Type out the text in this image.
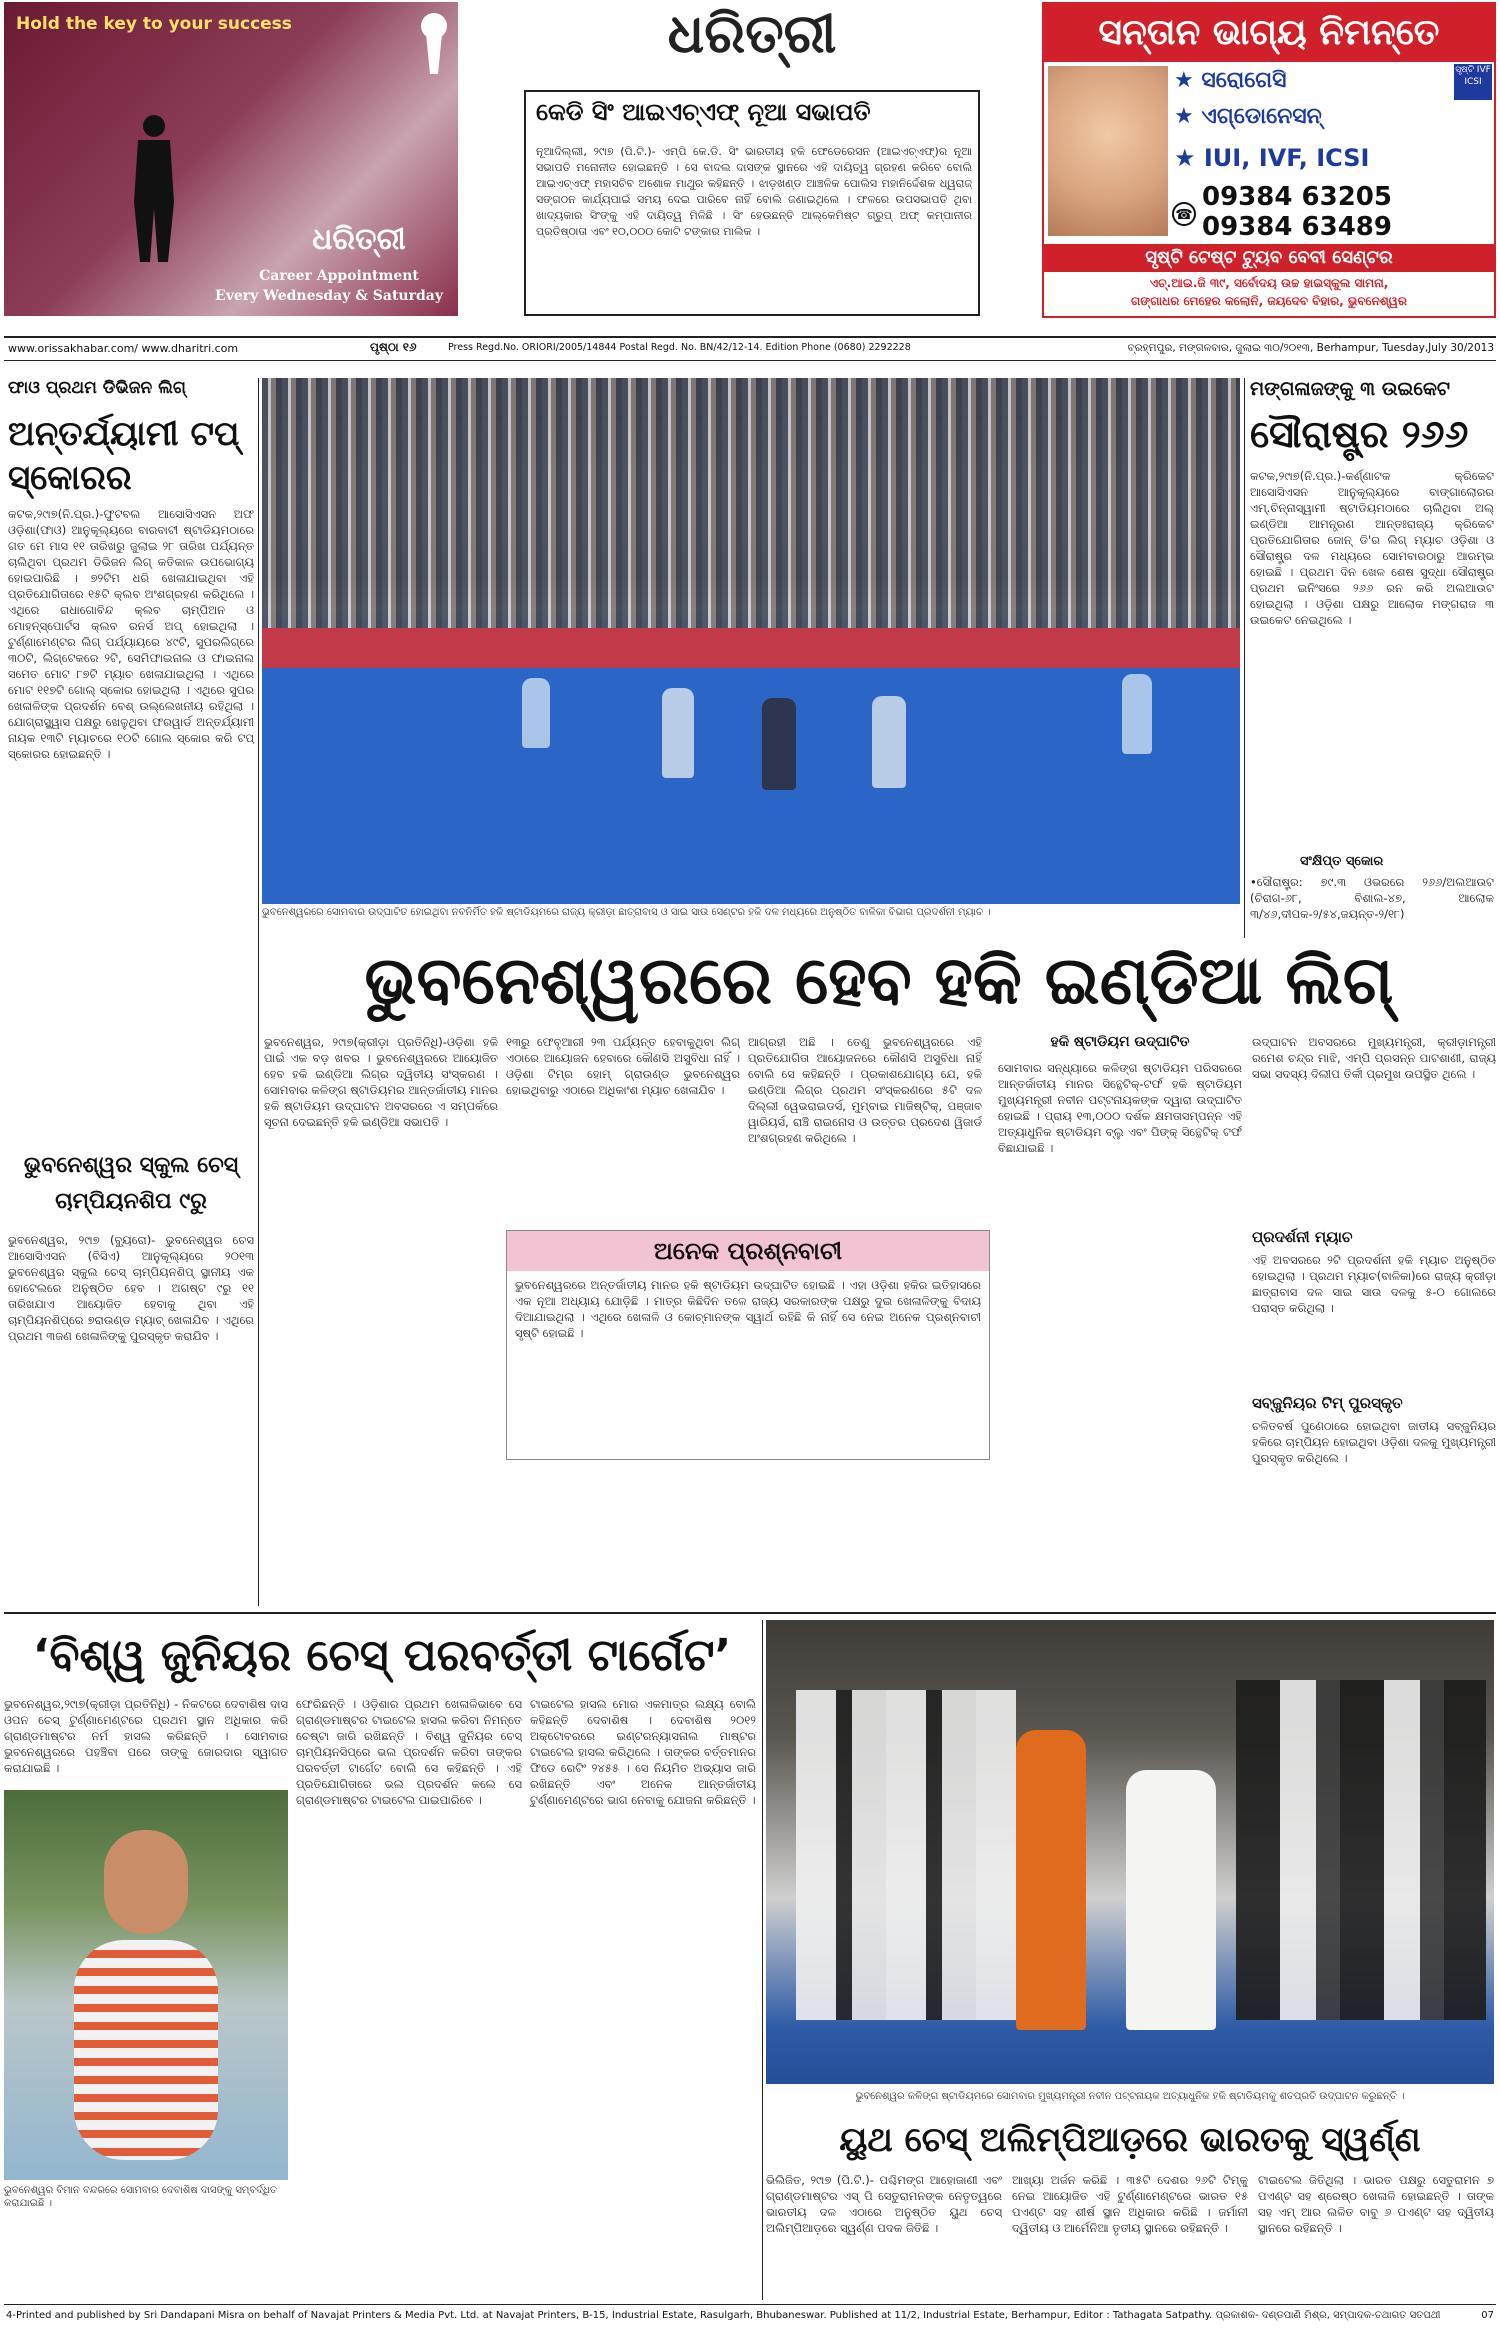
Hold the key to your success
ଧରିତ୍ରୀ
Career Appointment
Every Wednesday & Saturday
ଧରିତ୍ରୀ
କେଡି ସିଂ ଆଇଏଚ୍‌ଏଫ୍ ନୂଆ ସଭାପତି
ନୂଆଦିଲ୍ଲୀ, ୨୯ା୭ (ପି.ଟି.)- ଏମ୍‌ପି କେ.ଡି. ସିଂ ଭାରତୀୟ ହକି ଫେଡେରେସନ (ଆଇଏଚ୍‌ଏଫ୍)ର ନୂଆ ସଭାପତି ମନୋନୀତ ହୋଇଛନ୍ତି । ସେ ବାଦଲ ଦାସଙ୍କ ସ୍ଥାନରେ ଏହି ଦାୟିତ୍ୱ ଗ୍ରହଣ କରିବେ ବୋଲି ଆଇଏଚ୍‌ଏଫ୍ ମହାସଚିବ ଅଶୋକ ମାଥୁର କହିଛନ୍ତି । ଝାଡ଼ଖଣ୍ଡ ଆଞ୍ଚଳିକ ପୋଲିସ ମହାନିର୍ଦ୍ଦେଶକ ଧ୍ୱରାଜ୍ ସଙ୍ଗଠନ କାର୍ଯ୍ୟପାଇଁ ସମୟ ଦେଇ ପାରିବେ ନାହିଁ ବୋଲି ଜଣାଇଥିଲେ । ଫଳରେ ଉପସଭାପତି ଥିବା ଖାଦ୍ୟକାର ସିଂଙ୍କୁ ଏହି ଦାୟିତ୍ୱ ମିଳିଛି । ସିଂ ହେଉଛନ୍ତି ଆଲ୍‌କେମିଷ୍ଟ ଗ୍ରୁପ୍ ଅଫ୍ କମ୍ପାନୀର ପ୍ରତିଷ୍ଠାତା ଏବଂ ୧୦,୦୦୦ କୋଟି ଟଙ୍କାର ମାଲିକ ।
ସନ୍ତାନ ଭାଗ୍ୟ ନିମନ୍ତେ
★ ସରୋଗେସି	ସୃଷ୍ଟି IVF ICSI
★ ଏଗ୍‌ଡୋନେସନ୍
★ IUI, IVF, ICSI
☎
09384 63205
09384 63489
ସୃଷ୍ଟି ଟେଷ୍ଟ ଟ୍ୟୁବ ବେବୀ ସେଣ୍ଟର
ଏଚ୍.ଆଇ.ଜି ୩୯, ସର୍ବୋଦୟ ଉଚ୍ଚ ହାଇସ୍କୁଲ ସାମନା,
ଗଙ୍ଗାଧର ମେହେର କଲୋନି, ଜୟଦେବ ବିହାର, ଭୁବନେଶ୍ୱର
www.orissakhabar.com/ www.dharitri.com	ପୃଷ୍ଠା ୧୬	Press Regd.No. ORIORI/2005/14844 Postal Regd. No. BN/42/12-14. Edition Phone (0680) 2292228	ବ୍ରହ୍ମପୁର, ମଙ୍ଗଳବାର, ଜୁଲାଇ ୩୦/୨୦୧୩, Berhampur, Tuesday,July 30/2013
ଫାଓ ପ୍ରଥମ ଡିଭିଜନ ଲିଗ୍
ଅନ୍ତର୍ଯ୍ୟାମୀ ଟପ୍ ସ୍କୋରର
କଟକ,୨୯ା୭(ନି.ପ୍ର.)-ଫୁଟବଲ ଆସୋସିଏସନ ଅଫ ଓଡ଼ିଶା(ଫାଓ) ଆନୁକୂଲ୍ୟରେ ବାରବାଟୀ ଷ୍ଟାଡିୟମଠାରେ ଗତ ମେ ମାସ ୧୧ ତାରିଖରୁ ଜୁଲାଇ ୨୮ ତାରିଖ ପର୍ଯ୍ୟନ୍ତ ଚାଲିଥିବା ପ୍ରଥମ ଡିଭିଜନ ଲିଗ୍ କତିକାଳ ଉପଭୋଗ୍ୟ ହୋଇପାରିଛି । ୭୨ଟିମ ଧରି ଖେଳାଯାଇଥିବା ଏହି ପ୍ରତିଯୋଗିତାରେ ୧୫ଟି କ୍ଲବ ଅଂଶଗ୍ରହଣ କରିଥିଲେ । ଏଥିରେ ରାଧାଗୋବିନ୍ଦ କ୍ଲବ ଚାମ୍ପିଅନ ଓ ମୋହନ୍‌ସ୍ପୋର୍ଟସ କ୍ଲବ ରନର୍ସ ଅପ୍ ହୋଇଥିଲା । ଟୁର୍ଣ୍ଣାମେଣ୍ଟର ଲିଗ୍ ପର୍ଯ୍ୟାୟରେ ୪୯ଟି, ସୁପରଲିଗ୍‌ରେ ୩୦ଟି, ଲିଗ୍‌ଟେକରେ ୨ଟି, ସେମିଫାଇନାଲ ଓ ଫାଇନାଲ ସମେତ ମୋଟ ୮୭ଟି ମ୍ୟାଚ ଖେଳାଯାଇଥିଲା । ଏଥିରେ ମୋଟ ୧୧୭ଟି ଗୋଲ୍ ସ୍କୋର ହୋଇଥିଲା । ଏଥିରେ ସୁପର ଖେଳାଳିଙ୍କ ପ୍ରଦର୍ଶନ ବେଶ୍ ଉଲ୍ଲେଖନୀୟ ରହିଥିଲା । ଯୋଗ୍ରାସ୍କ୍ୱାସ ପକ୍ଷରୁ ଖେଳୁଥିବା ଫରୱାର୍ଡ ଅନ୍ତର୍ଯ୍ୟାମୀ ନାୟକ ୧୩ଟି ମ୍ୟାଚରେ ୧୦ଟି ଗୋଲ ସ୍କୋର କରି ଟପ୍ ସ୍କୋରର ହୋଇଛନ୍ତି ।
ଭୁବନେଶ୍ୱର ସ୍କୁଲ ଚେସ୍ ଚାମ୍ପିୟନଶିପ ୯ରୁ
ଭୁବନେଶ୍ୱର, ୨୯ା୭ (ବ୍ୟୁରୋ)- ଭୁବନେଶ୍ୱର ଚେସ ଆସୋସିଏସନ (ବିସିଏ) ଆନୁକୂଲ୍ୟରେ ୨୦୧୩ ଭୁବନେଶ୍ୱର ସ୍କୁଲ ଚେସ୍ ଚାମ୍ପିୟନଶିପ୍ ସ୍ଥାନୀୟ ଏକ ହୋଟେଲରେ ଅନୁଷ୍ଠିତ ହେବ । ଅଗଷ୍ଟ ୯ରୁ ୧୧ ତାରିଖଯାଏ ଆୟୋଜିତ ହେବାକୁ ଥିବା ଏହି ଚାମ୍ପିୟନଶିପ୍‌ରେ ୭ରାଉଣ୍ଡ ମ୍ୟାଚ୍ ଖେଳାଯିବ । ଏଥିରେ ପ୍ରଥମ ୩ଜଣ ଖେଳାଳିଙ୍କୁ ପୁରସ୍କୃତ କରାଯିବ ।
ଭୁବନେଶ୍ୱରରେ ସୋମବାର ଉଦ୍‌ଘାଟିତ ହୋଇଥିବା ନବନିର୍ମିତ ହକି ଷ୍ଟାଡିୟମରେ ରାଜ୍ୟ କ୍ରୀଡ଼ା ଛାତ୍ରାବାସ ଓ ସାଇ ସାଉ ସେଣ୍ଟର ହକି ଦଳ ମଧ୍ୟରେ ଅନୁଷ୍ଠିତ ବାଳିକା ବିଭାଗ ପ୍ରଦର୍ଶନୀ ମ୍ୟାଚ ।
ମଙ୍ଗଳାଜଙ୍କୁ ୩ ଉଇକେଟ
ସୌରାଷ୍ଟ୍ର ୨୬୬
କଟକ,୨୯ା୭(ନି.ପ୍ର.)-କର୍ଣ୍ଣାଟକ କ୍ରିକେଟ ଆସୋସିଏସନ ଆନୁକୂଲ୍ୟରେ ବାଙ୍ଗାଲୋରର ଏମ୍.ଚିନ୍ନାସ୍ୱାମୀ ଷ୍ଟାଡିୟମଠାରେ ଚାଲିଥିବା ଅଲ୍ ଇଣ୍ଡିଆ ଆମନ୍ତ୍ରଣ ଆନ୍ତଃରାଜ୍ୟ କ୍ରିକେଟ ପ୍ରତିଯୋଗିତାର ଜୋନ୍ ଡି'ର ଲିଗ୍ ମ୍ୟାଚ ଓଡ଼ିଶା ଓ ସୌରାଷ୍ଟ୍ର ଦଳ ମଧ୍ୟରେ ସୋମବାରଠାରୁ ଆରମ୍ଭ ହୋଇଛି । ପ୍ରଥମ ଦିନ ଖେଳ ଶେଷ ସୁଦ୍ଧା ସୌରାଷ୍ଟ୍ର ପ୍ରଥମ ଇନିଂସରେ ୨୬୬ ରନ କରି ଅଲଆଉଟ ହୋଇଥିଲା । ଓଡ଼ିଶା ପକ୍ଷରୁ ଆଲୋକ ମଙ୍ଗରାଜ ୩ ଉଇକେଟ ନେଇଥିଲେ ।
ସଂକ୍ଷିପ୍ତ ସ୍କୋର
•ସୌରାଷ୍ଟ୍ର: ୭୯.୩ ଓଭରରେ ୨୬୬/ଅଲଆଉଟ (ଚିରାଗ-୬୮, ବିଶାଲ-୪୭, ଆଲୋକ ୩/୪୬,ଦୀପକ-୨/୫୪,ଜୟନ୍ତ-୨/୧୮)
ଭୁବନେଶ୍ୱରରେ ହେବ ହକି ଇଣ୍ଡିଆ ଲିଗ୍
ଭୁବନେଶ୍ୱର, ୨୯ା୭(କ୍ରୀଡ଼ା ପ୍ରତିନିଧି)-ଓଡ଼ିଶା ହକି ପାଇଁ ଏକ ବଡ଼ ଖବର । ଭୁବନେଶ୍ୱରରେ ଆୟୋଜିତ ହେବ ହକି ଇଣ୍ଡିଆ ଲିଗ୍‌ର ଦ୍ୱିତୀୟ ସଂସ୍କରଣ । ସୋମବାର କଳିଙ୍ଗ ଷ୍ଟାଡିୟମର ଆନ୍ତର୍ଜାତୀୟ ମାନର ହକି ଷ୍ଟାଡିୟମ ଉଦ୍‌ଘାଟନ ଅବସରରେ ଏ ସମ୍ପର୍କରେ ସୂଚନା ଦେଇଛନ୍ତି ହକି ଇଣ୍ଡିଆ ସଭାପତି ।
୧୩ରୁ ଫେବୃଆରୀ ୨୩ ପର୍ଯ୍ୟନ୍ତ ହେବାକୁଥିବା ଲିଗ୍ ଏଠାରେ ଆୟୋଜନ ହେବାରେ କୌଣସି ଅସୁବିଧା ନାହିଁ । ଓଡ଼ିଶା ଟିମ୍‌ର ହୋମ୍ ଗ୍ରାଉଣ୍ଡ ଭୁବନେଶ୍ୱର ହୋଇଥିବାରୁ ଏଠାରେ ଅଧିକାଂଶ ମ୍ୟାଚ ଖେଳାଯିବ ।
ଆଗ୍ରହୀ ଅଛି । ତେଣୁ ଭୁବନେଶ୍ୱରରେ ଏହି ପ୍ରତିଯୋଗିତା ଆୟୋଜନରେ କୌଣସି ଅସୁବିଧା ନାହିଁ ବୋଲି ସେ କହିଛନ୍ତି । ପ୍ରକାଶଯୋଗ୍ୟ ଯେ, ହକି ଇଣ୍ଡିଆ ଲିଗ୍‌ର ପ୍ରଥମ ସଂସ୍କରଣରେ ୫ଟି ଦଳ ଦିଲ୍ଲୀ ୱେଭରାଇଡର୍ସ, ମୁମ୍ବାଇ ମାଜିଷ୍ଟିକ୍, ପଞ୍ଜାବ ୱାରିୟର୍ସ, ରାଞ୍ଚି ରାଇନୋସ ଓ ଉତ୍ତର ପ୍ରଦେଶ ୱିଜାର୍ଡ ଅଂଶଗ୍ରହଣ କରିଥିଲେ ।
ଅନେକ ପ୍ରଶ୍ନବାଚୀ
ଭୁବନେଶ୍ୱରରେ ଅନ୍ତର୍ଜାତୀୟ ମାନର ହକି ଷ୍ଟାଡିୟମ ଉଦ୍‌ଘାଟିତ ହୋଇଛି । ଏହା ଓଡ଼ିଶା ହକିର ଇତିହାସରେ ଏକ ନୂଆ ଅଧ୍ୟାୟ ଯୋଡ଼ିଛି । ମାତ୍ର କିଛିଦିନ ତଳେ ରାଜ୍ୟ ସରକାରଙ୍କ ପକ୍ଷରୁ ଦୁଇ ଖେଳାଳିଙ୍କୁ ବିଦାୟ ଦିଆଯାଇଥିଲା । ଏଥିରେ ଖେଳାଳି ଓ କୋଚ୍‌ମାନଙ୍କ ସ୍ୱାର୍ଥ ରହିଛି କି ନାହିଁ ସେ ନେଇ ଅନେକ ପ୍ରଶ୍ନବାଚୀ ସୃଷ୍ଟି ହୋଇଛି ।
ହକି ଷ୍ଟାଡିୟମ ଉଦ୍‌ଘାଟିତ
ସୋମବାର ସନ୍ଧ୍ୟାରେ କଳିଙ୍ଗ ଷ୍ଟାଡିୟମ ପରିସରରେ ଆନ୍ତର୍ଜାତୀୟ ମାନର ସିନ୍ଥେଟିକ୍-ଟର୍ଫ ହକି ଷ୍ଟାଡିୟମ ମୁଖ୍ୟମନ୍ତ୍ରୀ ନବୀନ ପଟ୍ଟନାୟକଙ୍କ ଦ୍ୱାରା ଉଦ୍‌ଘାଟିତ ହୋଇଛି । ପ୍ରାୟ ୧୩,୦୦୦ ଦର୍ଶକ କ୍ଷମତାସମ୍ପନ୍ନ ଏହି ଅତ୍ୟାଧୁନିକ ଷ୍ଟାଡିୟମ ବ୍ଲୁ ଏବଂ ପିଙ୍କ୍ ସିନ୍ଥେଟିକ୍ ଟର୍ଫ ବିଛାଯାଇଛି ।
ଉଦ୍‌ଘାଟନ ଅବସରରେ ମୁଖ୍ୟମନ୍ତ୍ରୀ, କ୍ରୀଡ଼ାମନ୍ତ୍ରୀ ରମେଶ ଚନ୍ଦ୍ର ମାଝି, ଏମ୍‌ପି ପ୍ରସନ୍ନ ପାଟଶାଣୀ, ରାଜ୍ୟ ସଭା ସଦସ୍ୟ ଦିଲୀପ ତିର୍କୀ ପ୍ରମୁଖ ଉପସ୍ଥିତ ଥିଲେ ।
ପ୍ରଦର୍ଶନୀ ମ୍ୟାଚ
ଏହି ଅବସରରେ ୨ଟି ପ୍ରଦର୍ଶନୀ ହକି ମ୍ୟାଚ ଅନୁଷ୍ଠିତ ହୋଇଥିଲା । ପ୍ରଥମ ମ୍ୟାଚ(ବାଳିକା)ରେ ରାଜ୍ୟ କ୍ରୀଡ଼ା ଛାତ୍ରାବାସ ଦଳ ସାଇ ସାଉ ଦଳକୁ ୫-୦ ଗୋଲରେ ପରାସ୍ତ କରିଥିଲା ।
ସବ୍‌ଜୁନିୟର ଟିମ୍ ପୁରସ୍କୃତ
ଚଳିତବର୍ଷ ପୁଣେଠାରେ ହୋଇଥିବା ଜାତୀୟ ସବ୍‌ଜୁନିୟର ହକିରେ ଚାମ୍ପିୟନ ହୋଇଥିବା ଓଡ଼ିଶା ଦଳକୁ ମୁଖ୍ୟମନ୍ତ୍ରୀ ପୁରସ୍କୃତ କରିଥିଲେ ।
‘ବିଶ୍ୱ ଜୁନିୟର ଚେସ୍ ପରବର୍ତ୍ତୀ ଟାର୍ଗେଟ’
ଭୁବନେଶ୍ୱର,୨୯ା୭(କ୍ରୀଡ଼ା ପ୍ରତିନିଧି) - ନିକଟରେ ଦେବାଶିଷ ଦାସ ଓପନ ଚେସ୍ ଟୁର୍ଣ୍ଣାମେଣ୍ଟରେ ପ୍ରଥମ ସ୍ଥାନ ଅଧିକାର କରି ଗ୍ରାଣ୍ଡମାଷ୍ଟର ନର୍ମ ହାସଲ କରିଛନ୍ତି । ସୋମବାର ଭୁବନେଶ୍ୱରରେ ପହଞ୍ଚିବା ପରେ ତାଙ୍କୁ ଜୋରଦାର ସ୍ୱାଗତ କରାଯାଇଛି ।
ଭୁବନେଶ୍ୱର ବିମାନ ବନ୍ଦରରେ ସୋମବାର ଦେବାଶିଷ ଦାସଙ୍କୁ ସମ୍ବର୍ଦ୍ଧିତ କରାଯାଇଛି ।
ଫେରିଛନ୍ତି । ଓଡ଼ିଶାର ପ୍ରଥମ ଖେଳାଳିଭାବେ ସେ ଗ୍ରାଣ୍ଡମାଷ୍ଟର ଟାଇଟେଲ ହାସଲ କରିବା ନିମନ୍ତେ ଚେଷ୍ଟା ଜାରି ରଖିଛନ୍ତି । ବିଶ୍ୱ ଜୁନିୟର ଚେସ୍ ଚାମ୍ପିୟନସିପ୍‌ରେ ଭଲ ପ୍ରଦର୍ଶନ କରିବା ତାଙ୍କର ପରବର୍ତ୍ତୀ ଟାର୍ଗେଟ ବୋଲି ସେ କହିଛନ୍ତି । ଏହି ପ୍ରତିଯୋଗିତାରେ ଭଲ ପ୍ରଦର୍ଶନ କଲେ ସେ ଗ୍ରାଣ୍ଡମାଷ୍ଟର ଟାଇଟେଲ ପାଇପାରିବେ ।
ଟାଇଟେଲ ହାସଲ ମୋର ଏକମାତ୍ର ଲକ୍ଷ୍ୟ ବୋଲି କହିଛନ୍ତି ଦେବାଶିଷ । ଦେବାଶିଷ ୨୦୧୨ ଅକ୍ଟୋବରରେ ଇଣ୍ଟରନ୍ୟାସନାଲ ମାଷ୍ଟର ଟାଇଟେଲ ହାସଲ କରିଥିଲେ । ତାଙ୍କର ବର୍ତ୍ତମାନର ଫିଡେ ରେଟିଂ ୨୪୫୫ । ସେ ନିୟମିତ ଅଭ୍ୟାସ ଜାରି ରଖିଛନ୍ତି ଏବଂ ଅନେକ ଆନ୍ତର୍ଜାତୀୟ ଟୁର୍ଣ୍ଣାମେଣ୍ଟରେ ଭାଗ ନେବାକୁ ଯୋଜନା କରିଛନ୍ତି ।
ଭୁବନେଶ୍ୱର କଳିଙ୍ଗ ଷ୍ଟାଡିୟମରେ ସୋମବାର ମୁଖ୍ୟମନ୍ତ୍ରୀ ନବୀନ ପଟ୍ଟନାୟକ ଅତ୍ୟାଧୁନିକ ହକି ଷ୍ଟାଡିୟମକୁ ଶତପ୍ରତି ଉଦ୍‌ଘାଟନ କରୁଛନ୍ତି ।
ୟୁଥ ଚେସ୍ ଅଲିମ୍ପିଆଡ଼ରେ ଭାରତକୁ ସ୍ୱର୍ଣ୍ଣ
ଭିଲିଜିତ, ୨୯ା୭ (ପି.ଟି.)- ପଶ୍ଚିମଙ୍ଗ ଆହୋଜାଣୀ ଏବଂ ଗ୍ରାଣ୍ଡମାଷ୍ଟର ଏସ୍ ପି ସେତୁରାମନଙ୍କ ନେତୃତ୍ୱରେ ଭାରତୀୟ ଦଳ ଏଠାରେ ଅନୁଷ୍ଠିତ ୟୁଥ ଚେସ୍ ଅଲିମ୍ପିଆଡ଼ରେ ସ୍ୱର୍ଣ୍ଣ ପଦକ ଜିତିଛି ।
ଆଖ୍ୟା ଅର୍ଜନ କରିଛି । ୩୫ଟି ଦେଶର ୨୬ଟି ଟିମ୍‌କୁ ନେଇ ଆୟୋଜିତ ଏହି ଟୁର୍ଣ୍ଣାମେଣ୍ଟରେ ଭାରତ ୧୫ ପଏଣ୍ଟ ସହ ଶୀର୍ଷ ସ୍ଥାନ ଅଧିକାର କରିଛି । ଜର୍ମାନୀ ଦ୍ୱିତୀୟ ଓ ଆର୍ମେନିଆ ତୃତୀୟ ସ୍ଥାନରେ ରହିଛନ୍ତି ।
ଟାଇଟେଲ ଜିତିଥିଲା । ଭାରତ ପକ୍ଷରୁ ସେତୁରାମନ ୭ ପଏଣ୍ଟ ସହ ଶ୍ରେଷ୍ଠ ଖେଳାଳି ହୋଇଛନ୍ତି । ତାଙ୍କ ସହ ଏମ୍ ଆର ଲଳିତ ବାବୁ ୬ ପଏଣ୍ଟ ସହ ଦ୍ୱିତୀୟ ସ୍ଥାନରେ ରହିଛନ୍ତି ।
4-Printed and published by Sri Dandapani Misra on behalf of Navajat Printers & Media Pvt. Ltd. at Navajat Printers, B-15, Industrial Estate, Rasulgarh, Bhubaneswar. Published at 11/2, Industrial Estate, Berhampur, Editor : Tathagata Satpathy. ପ୍ରକାଶକ- ଦଣ୍ଡପାଣି ମିଶ୍ର, ସମ୍ପାଦକ-ତଥାଗତ ସତପଥୀ	07
